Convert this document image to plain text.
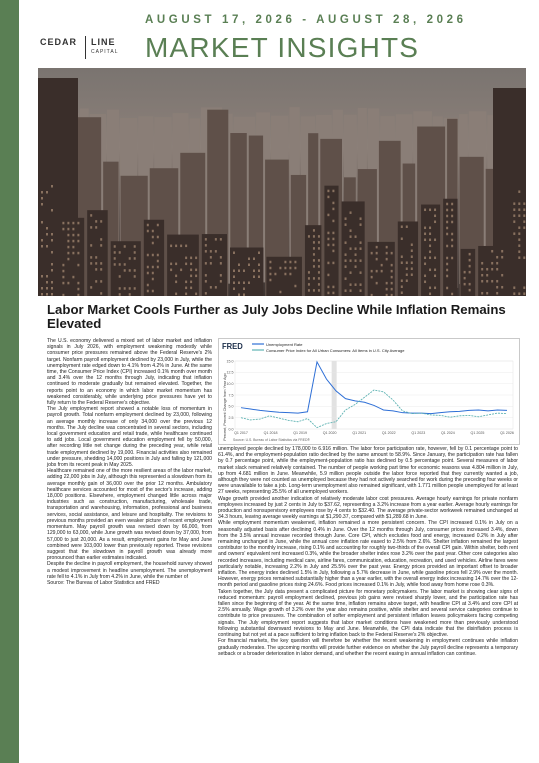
CEDAR LINE
CAPITAL
AUGUST 17, 2026 - AUGUST 28, 2026
MARKET INSIGHTS
Labor Market Cools Further as July Jobs Decline While Inflation Remains Elevated

The U.S. economy delivered a mixed set of labor market and inflation signals in July 2026, with employment weakening modestly while consumer price pressures remained above the Federal Reserve's 2% target. Nonfarm payroll employment declined by 23,000 in July, while the unemployment rate edged down to 4.1% from 4.2% in June. At the same time, the Consumer Price Index (CPI) increased 0.1% month over month and 3.4% over the 12 months through July, indicating that inflation continued to moderate gradually but remained elevated. Together, the reports point to an economy in which labor market momentum has weakened considerably, while underlying price pressures have yet to fully return to the Federal Reserve's objective.

The July employment report showed a notable loss of momentum in payroll growth. Total nonfarm employment declined by 23,000, following an average monthly increase of only 34,000 over the previous 12 months. The July decline was concentrated in several sectors, including local government education and retail trade, while healthcare continued to add jobs. Local government education employment fell by 50,000, after recording little net change during the preceding year, while retail trade employment declined by 19,000. Financial activities also remained under pressure, shedding 14,000 positions in July and falling by 121,000 jobs from its recent peak in May 2025.

Healthcare remained one of the more resilient areas of the labor market, adding 22,000 jobs in July, although this represented a slowdown from its average monthly gain of 36,000 over the prior 12 months. Ambulatory healthcare services accounted for most of the sector's increase, adding 18,000 positions. Elsewhere, employment changed little across major industries such as construction, manufacturing, wholesale trade, transportation and warehousing, information, professional and business services, social assistance, and leisure and hospitality. The revisions to previous months provided an even weaker picture of recent employment momentum. May payroll growth was revised down by 66,000, from 129,000 to 63,000, while June growth was revised down by 37,000, from 57,000 to just 20,000. As a result, employment gains for May and June combined were 103,000 lower than previously reported. These revisions suggest that the slowdown in payroll growth was already more pronounced than earlier estimates indicated.

Despite the decline in payroll employment, the household survey showed a modest improvement in headline unemployment. The unemployment rate fell to 4.1% in July from 4.2% in June, while the number of

Source: The Bureau of Labor Statistics and FRED

FRED	Unemployment Rate
Consumer Price Index for All Urban Consumers: All Items in U.S. City Average
Percent, Percent Change from Year Ago 0.0
2.5
5.0
7.5
10.0
12.5
15.0
Q1 2017	Q1 2018	Q1 2019	Q1 2020	Q1 2021	Q1 2022	Q1 2023	Q1 2024	Q1 2025	Q1 2026
Source: U.S. Bureau of Labor Statistics via FRED®

unemployed people declined by 178,000 to 6.916 million. The labor force participation rate, however, fell by 0.1 percentage point to 61.4%, and the employment-population ratio declined by the same amount to 58.9%. Since January, the participation rate has fallen by 0.7 percentage point, while the employment-population ratio has declined by 0.5 percentage point. Several measures of labor market slack remained relatively contained. The number of people working part time for economic reasons was 4.804 million in July, up from 4.681 million in June. Meanwhile, 5.9 million people outside the labor force reported that they currently wanted a job, although they were not counted as unemployed because they had not actively searched for work during the preceding four weeks or were unavailable to take a job. Long-term unemployment also remained significant, with 1.771 million people unemployed for at least 27 weeks, representing 25.5% of all unemployed workers.

Wage growth provided another indication of relatively moderate labor cost pressures. Average hourly earnings for private nonfarm employees increased by just 2 cents in July to $37.62, representing a 3.2% increase from a year earlier. Average hourly earnings for production and nonsupervisory employees rose by 4 cents to $32.40. The average private-sector workweek remained unchanged at 34.3 hours, leaving average weekly earnings at $1,290.37, compared with $1,289.68 in June.

While employment momentum weakened, inflation remained a more persistent concern. The CPI increased 0.1% in July on a seasonally adjusted basis after declining 0.4% in June. Over the 12 months through July, consumer prices increased 3.4%, down from the 3.5% annual increase recorded through June. Core CPI, which excludes food and energy, increased 0.2% in July after remaining unchanged in June, while the annual core inflation rate eased to 2.5% from 2.6%. Shelter inflation remained the largest contributor to the monthly increase, rising 0.1% and accounting for roughly two-thirds of the overall CPI gain. Within shelter, both rent and owners' equivalent rent increased 0.3%, while the broader shelter index rose 3.2% over the past year. Other core categories also recorded increases, including medical care, airline fares, communication, education, recreation, and used vehicles. Airline fares were particularly notable, increasing 2.2% in July and 25.5% over the past year. Energy prices provided an important offset to broader inflation. The energy index declined 1.5% in July, following a 5.7% decrease in June, while gasoline prices fell 2.9% over the month. However, energy prices remained substantially higher than a year earlier, with the overall energy index increasing 14.7% over the 12-month period and gasoline prices rising 24.6%. Food prices increased 0.1% in July, while food away from home rose 0.3%.

Taken together, the July data present a complicated picture for monetary policymakers. The labor market is showing clear signs of reduced momentum: payroll employment declined, previous job gains were revised sharply lower, and the participation rate has fallen since the beginning of the year. At the same time, inflation remains above target, with headline CPI at 3.4% and core CPI at 2.5% annually. Wage growth of 3.2% over the year also remains positive, while shelter and several service categories continue to contribute to price pressures. The combination of softer employment and persistent inflation leaves policymakers facing competing signals. The July employment report suggests that labor market conditions have weakened more than previously understood following substantial downward revisions to May and June. Meanwhile, the CPI data indicate that the disinflation process is continuing but not yet at a pace sufficient to bring inflation back to the Federal Reserve's 2% objective.

For financial markets, the key question will therefore be whether the recent weakening in employment continues while inflation gradually moderates. The upcoming months will provide further evidence on whether the July payroll decline represents a temporary setback or a broader deterioration in labor demand, and whether the recent easing in annual inflation can continue.
